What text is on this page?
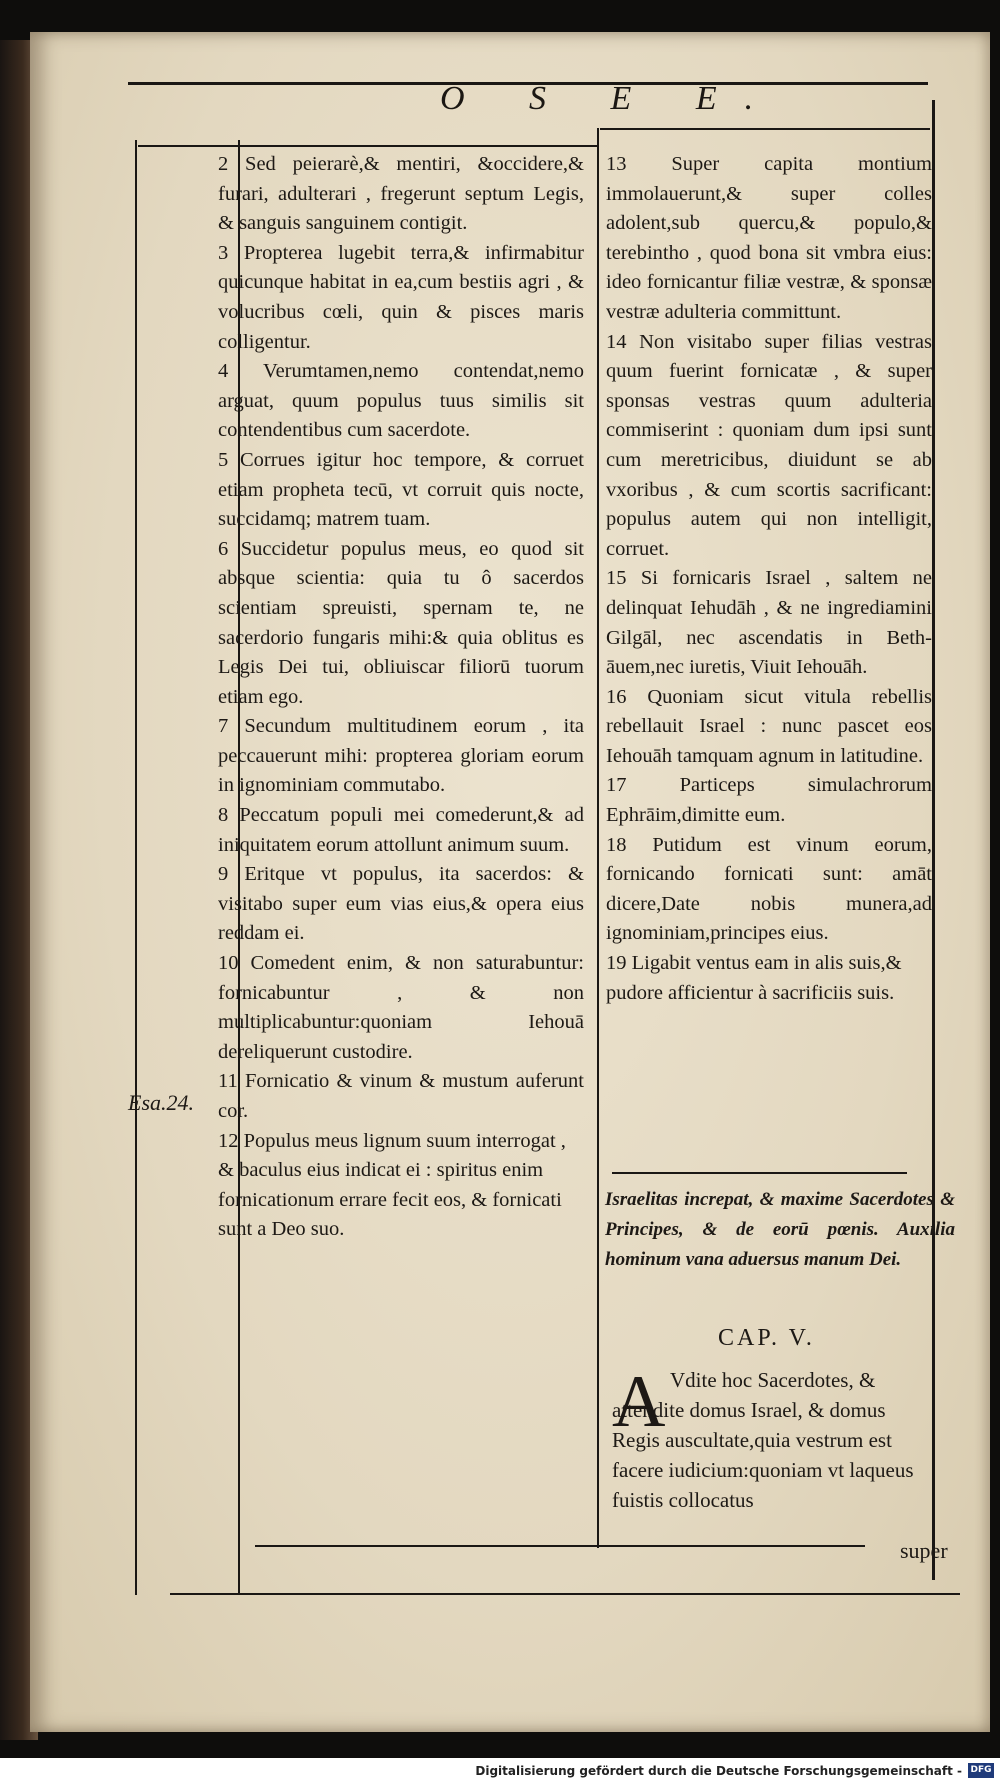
O S E E.

2 Sed peierarè,& mentiri, &occidere,& furari, adulterari , fregerunt septum Legis, & sanguis sanguinem contigit.

3 Propterea lugebit terra,& infirmabitur quicunque habitat in ea,cum bestiis agri , & volucribus cœli, quin & pisces maris colligentur.

4 Verumtamen,nemo contendat,nemo arguat, quum populus tuus similis sit contendentibus cum sacerdote.

5 Corrues igitur hoc tempore, & corruet etiam propheta tecū, vt corruit quis nocte, succidamq; matrem tuam.

6 Succidetur populus meus, eo quod sit absque scientia: quia tu ô sacerdos scientiam spreuisti, spernam te, ne sacerdorio fungaris mihi:& quia oblitus es Legis Dei tui, obliuiscar filiorū tuorum etiam ego.

7 Secundum multitudinem eorum , ita peccauerunt mihi: propterea gloriam eorum in ignominiam commutabo.

8 Peccatum populi mei comederunt,& ad iniquitatem eorum attollunt animum suum.

9 Eritque vt populus, ita sacerdos: & visitabo super eum vias eius,& opera eius reddam ei.

10 Comedent enim, & non saturabuntur: fornicabuntur , & non multiplicabuntur:quoniam Iehouā dereliquerunt custodire.

11 Fornicatio & vinum & mustum auferunt cor.

12 Populus meus lignum suum interrogat , & baculus eius indicat ei : spiritus enim fornicationum errare fecit eos, & fornicati sunt a Deo suo.

Esa.24.

13 Super capita montium immolauerunt,& super colles adolent,sub quercu,& populo,& terebintho , quod bona sit vmbra eius: ideo fornicantur filiæ vestræ, & sponsæ vestræ adulteria committunt.

14 Non visitabo super filias vestras quum fuerint fornicatæ , & super sponsas vestras quum adulteria commiserint : quoniam dum ipsi sunt cum meretricibus, diuidunt se ab vxoribus , & cum scortis sacrificant: populus autem qui non intelligit, corruet.

15 Si fornicaris Israel , saltem ne delinquat Iehudāh , & ne ingrediamini Gilgāl, nec ascendatis in Beth-āuem,nec iuretis, Viuit Iehouāh.

16 Quoniam sicut vitula rebellis rebellauit Israel : nunc pascet eos Iehouāh tamquam agnum in latitudine.

17 Particeps simulachrorum Ephrāim,dimitte eum.

18 Putidum est vinum eorum, fornicando fornicati sunt: amāt dicere,Date nobis munera,ad ignominiam,principes eius.

19 Ligabit ventus eam in alis suis,& pudore afficientur à sacrificiis suis.

Israelitas increpat, & maxime Sacerdotes & Principes, & de eorū pœnis. Auxilia hominum vana aduersus manum Dei.
CAP. V.
A Vdite hoc Sacerdotes, & attendite domus Israel, & domus Regis auscultate,quia vestrum est facere iudicium:quoniam vt laqueus fuistis collocatus

super
Digitalisierung gefördert durch die Deutsche Forschungsgemeinschaft - DFG
